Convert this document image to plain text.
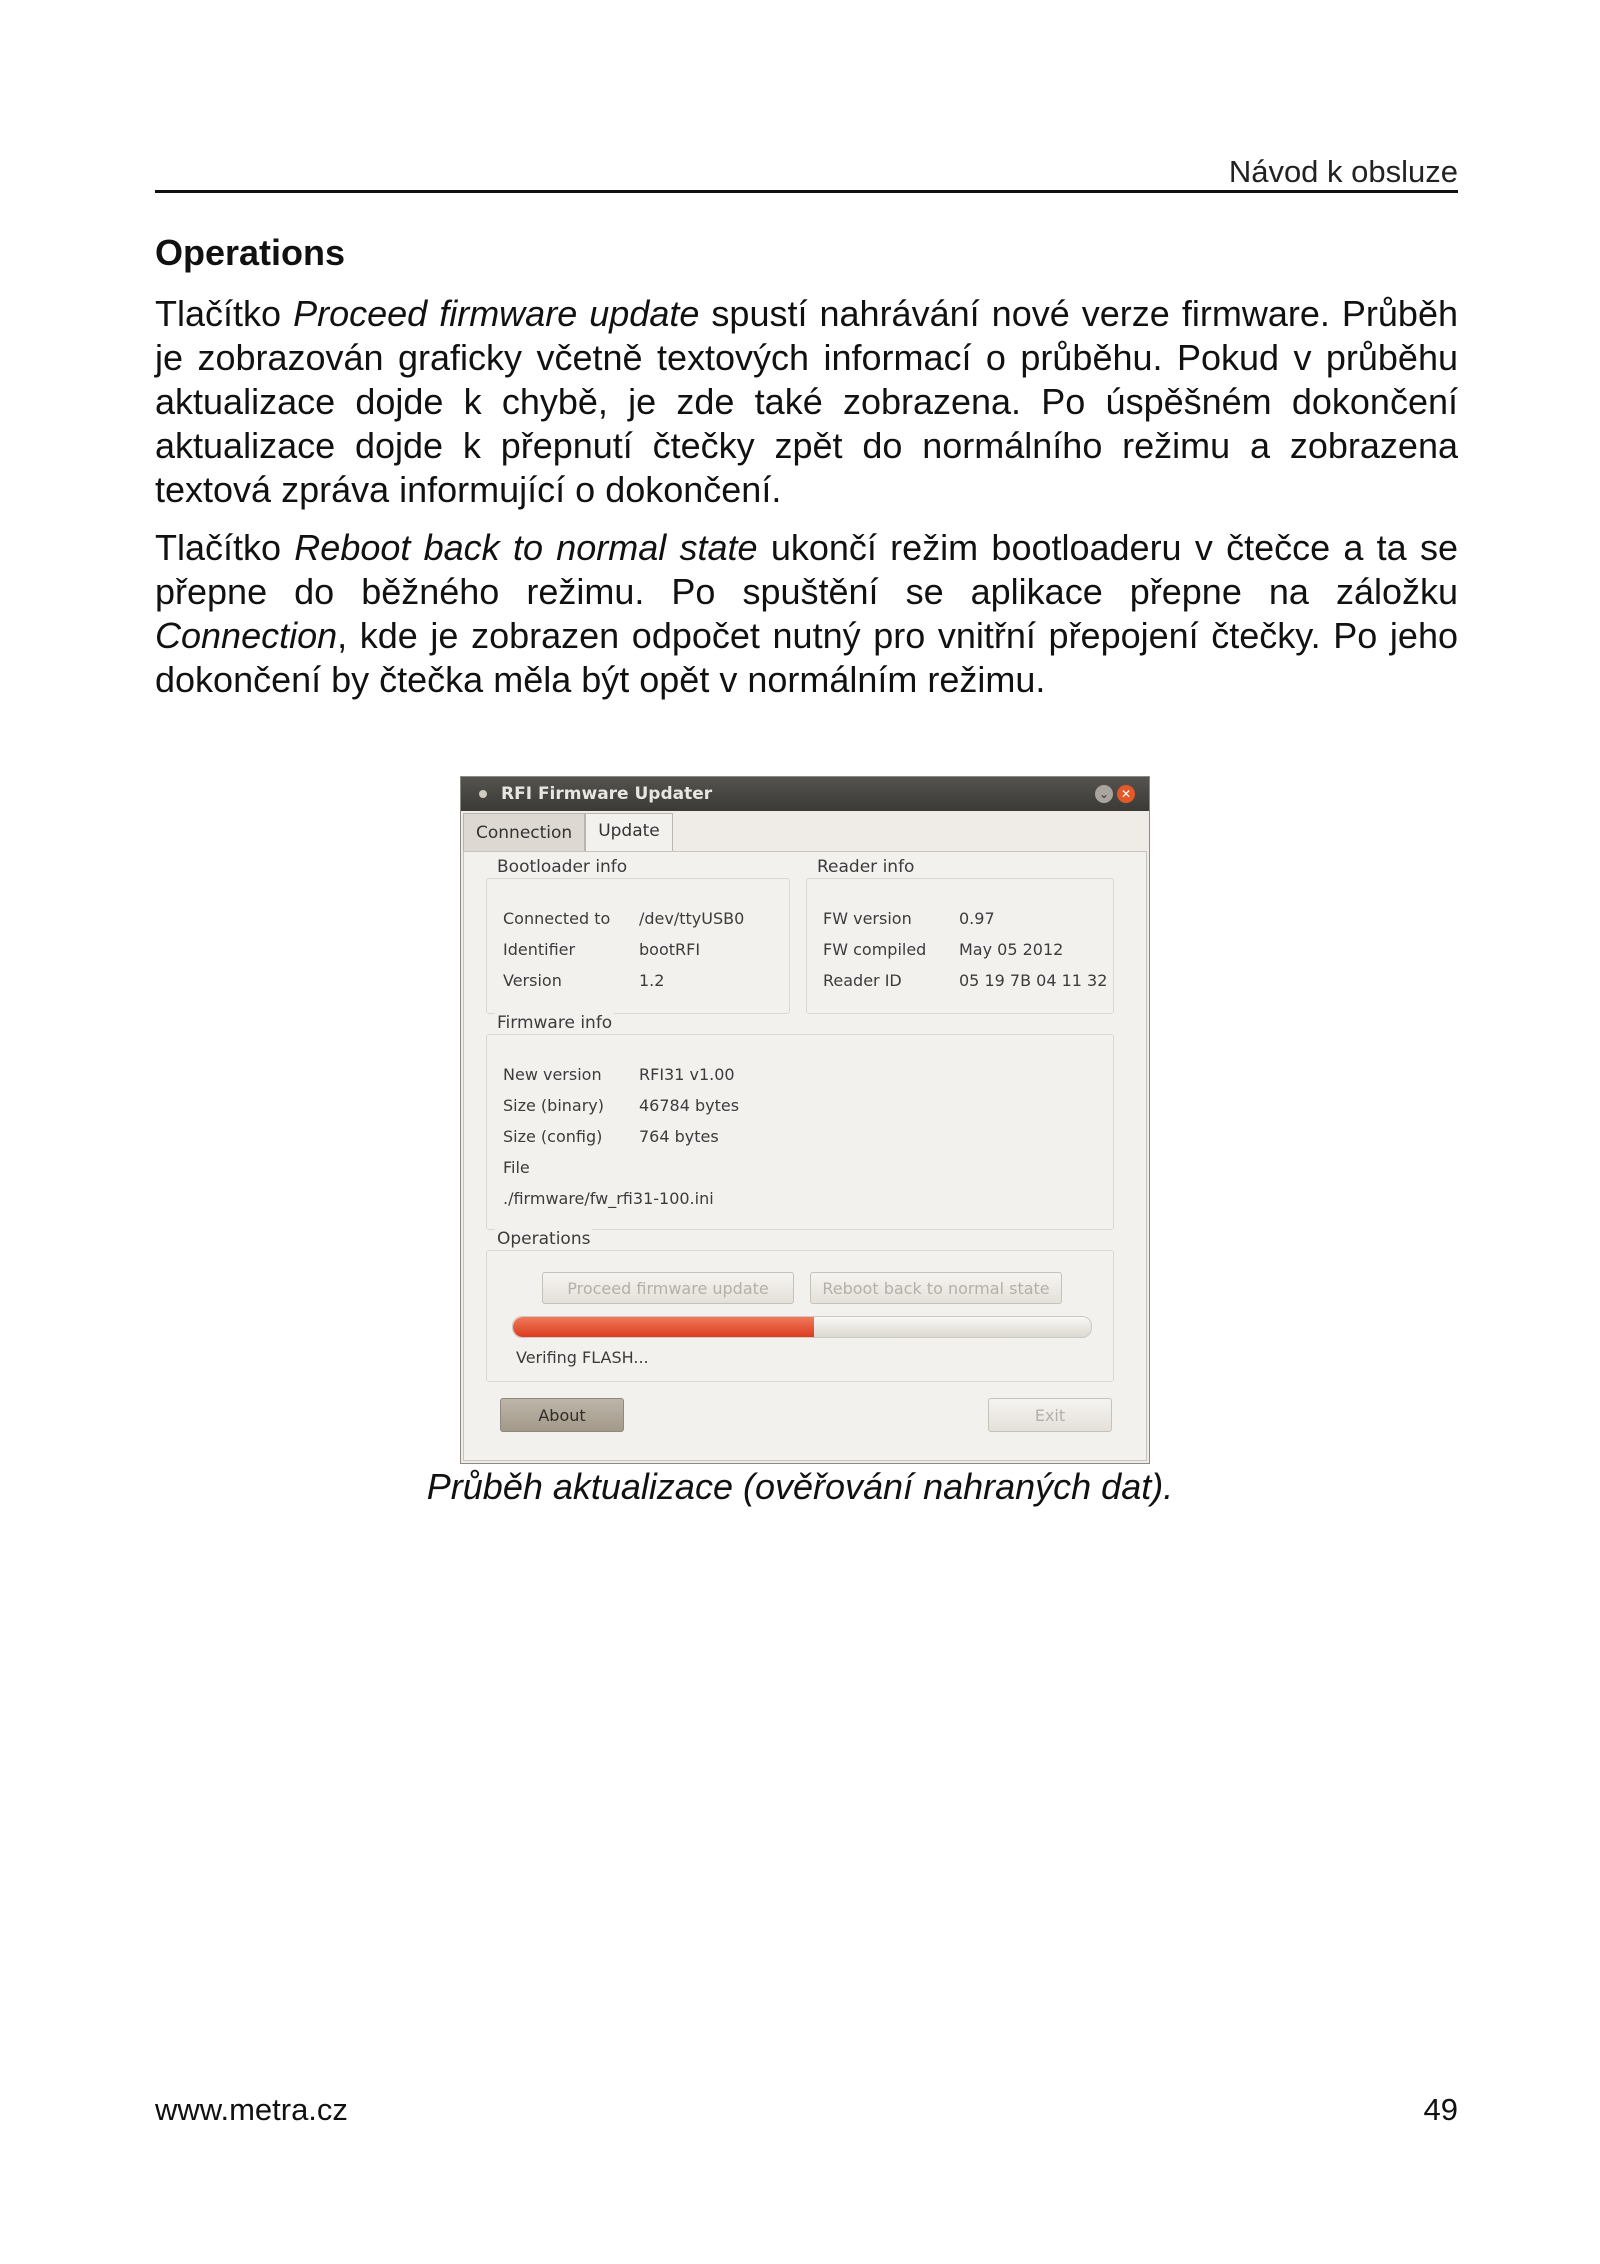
Návod k obsluze
Operations

Tlačítko Proceed firmware update spustí nahrávání nové verze firmware. Průběh je zobrazován graficky včetně textových informací o průběhu. Pokud v průběhu aktualizace dojde k chybě, je zde také zobrazena. Po úspěšném dokončení aktualizace dojde k přepnutí čtečky zpět do normálního režimu a zobrazena textová zpráva informující o dokončení.

Tlačítko Reboot back to normal state ukončí režim bootloaderu v čtečce a ta se přepne do běžného režimu. Po spuštění se aplikace přepne na záložku Connection, kde je zobrazen odpočet nutný pro vnitřní přepojení čtečky. Po jeho dokončení by čtečka měla být opět v normálním režimu.

RFI Firmware Updater	⌄ ✕
Connection	Update
Bootloader info
Connected to /dev/ttyUSB0
Identifier	bootRFI
Version	1.2
Reader info
FW version	0.97
FW compiled May 05 2012
Reader ID	05 19 7B 04 11 32
Firmware info
New version RFI31 v1.00
Size (binary) 46784 bytes
Size (config) 764 bytes
File
./firmware/fw_rfi31-100.ini
Operations
Proceed firmware update	Reboot back to normal state
Verifing FLASH...
About	Exit
Průběh aktualizace (ověřování nahraných dat).
www.metra.cz	49
